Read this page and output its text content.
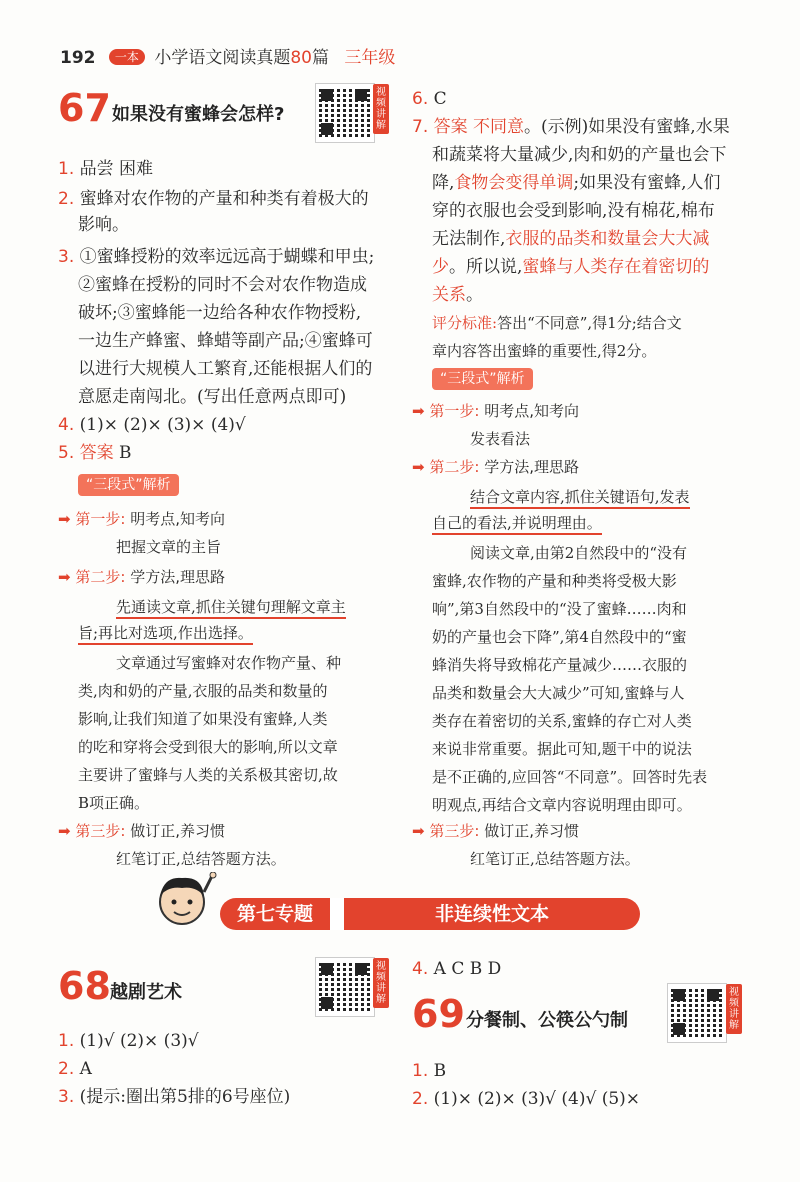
192 一本 小学语文阅读真题80篇 三年级
67 如果没有蜜蜂会怎样?
视频讲解
1. 品尝 困难
2. 蜜蜂对农作物的产量和种类有着极大的
影响。
3. ①蜜蜂授粉的效率远远高于蝴蝶和甲虫;
②蜜蜂在授粉的同时不会对农作物造成
破坏;③蜜蜂能一边给各种农作物授粉,
一边生产蜂蜜、蜂蜡等副产品;④蜜蜂可
以进行大规模人工繁育,还能根据人们的
意愿走南闯北。(写出任意两点即可)
4. (1)× (2)× (3)× (4)√
5. 答案 B
“三段式”解析
➡ 第一步: 明考点,知考向
把握文章的主旨
➡ 第二步: 学方法,理思路
先通读文章,抓住关键句理解文章主
旨;再比对选项,作出选择。
文章通过写蜜蜂对农作物产量、种
类,肉和奶的产量,衣服的品类和数量的
影响,让我们知道了如果没有蜜蜂,人类
的吃和穿将会受到很大的影响,所以文章
主要讲了蜜蜂与人类的关系极其密切,故
B项正确。
➡ 第三步: 做订正,养习惯
红笔订正,总结答题方法。
6. C
7. 答案 不同意。(示例)如果没有蜜蜂,水果
和蔬菜将大量减少,肉和奶的产量也会下
降,食物会变得单调;如果没有蜜蜂,人们
穿的衣服也会受到影响,没有棉花,棉布
无法制作,衣服的品类和数量会大大减
少。所以说,蜜蜂与人类存在着密切的
关系。
评分标准:答出“不同意”,得1分;结合文
章内容答出蜜蜂的重要性,得2分。
“三段式”解析
➡ 第一步: 明考点,知考向
发表看法
➡ 第二步: 学方法,理思路
结合文章内容,抓住关键语句,发表
自己的看法,并说明理由。
阅读文章,由第2自然段中的“没有
蜜蜂,农作物的产量和种类将受极大影
响”,第3自然段中的“没了蜜蜂……肉和
奶的产量也会下降”,第4自然段中的“蜜
蜂消失将导致棉花产量减少……衣服的
品类和数量会大大减少”可知,蜜蜂与人
类存在着密切的关系,蜜蜂的存亡对人类
来说非常重要。据此可知,题干中的说法
是不正确的,应回答“不同意”。回答时先表
明观点,再结合文章内容说明理由即可。
➡ 第三步: 做订正,养习惯
红笔订正,总结答题方法。
第七专题	非连续性文本
68 越剧艺术
视频讲解
1. (1)√ (2)× (3)√
2. A
3. (提示:圈出第5排的6号座位)
4. A C B D
69 分餐制、公筷公勺制
视频讲解
1. B
2. (1)× (2)× (3)√ (4)√ (5)×
